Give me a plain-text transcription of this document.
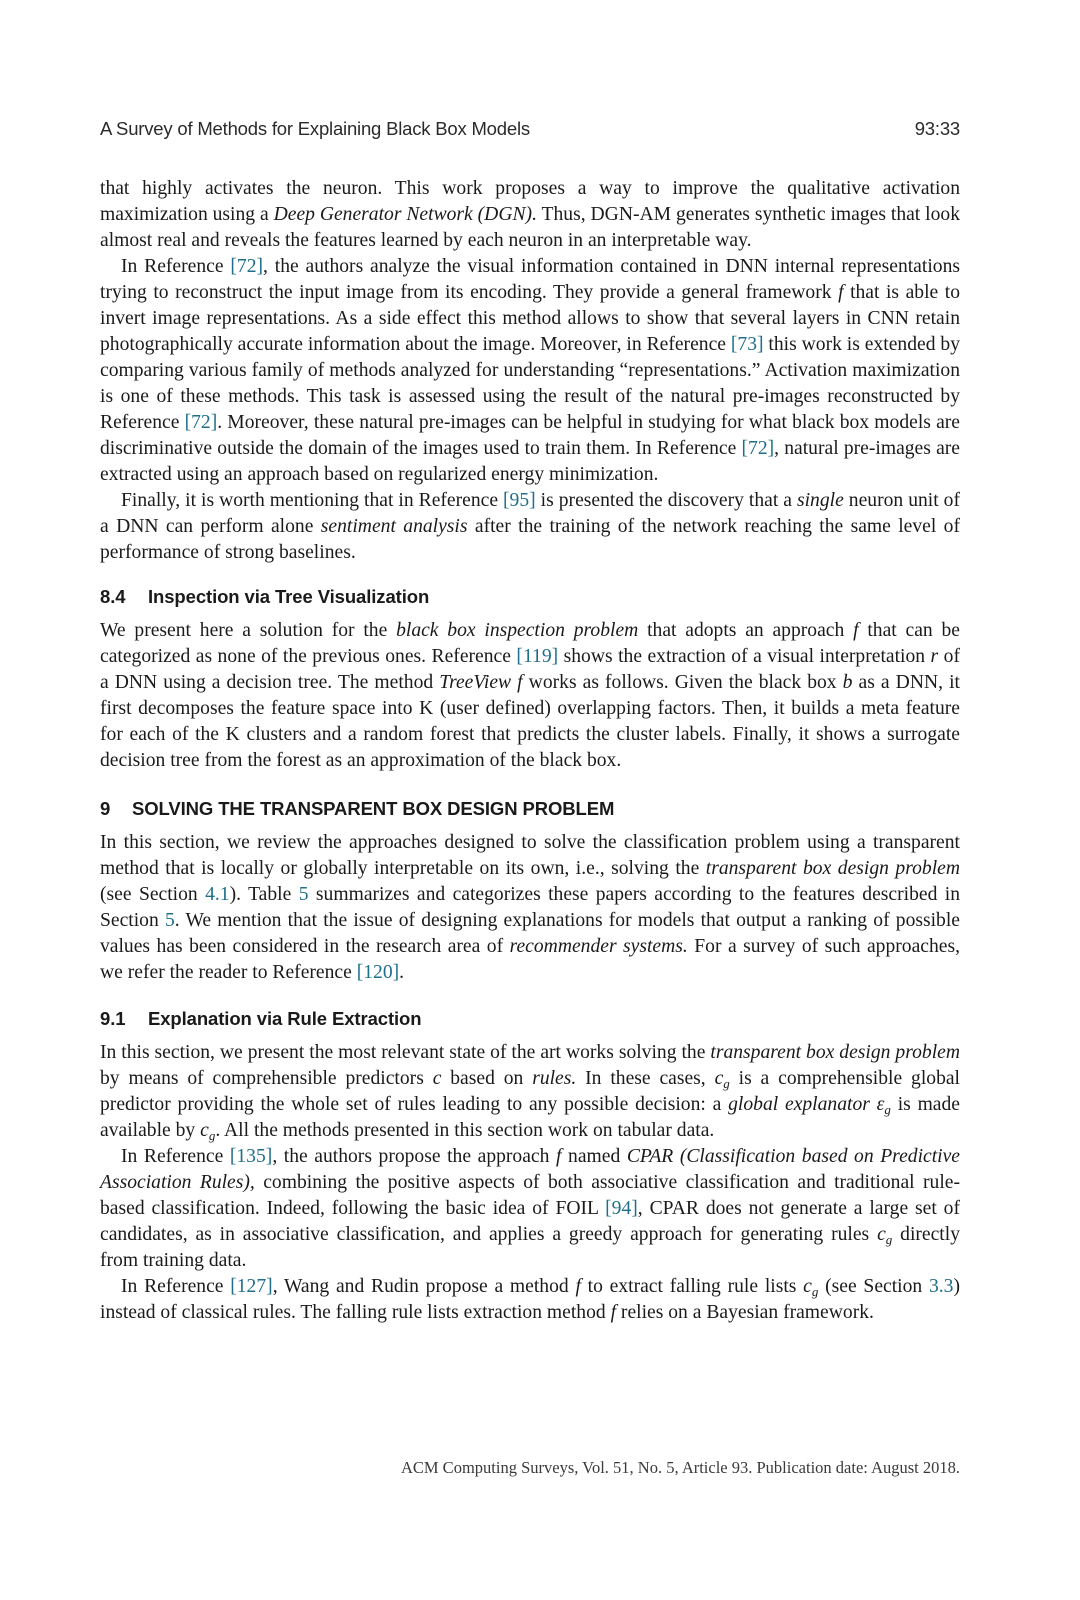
A Survey of Methods for Explaining Black Box Models	93:33

that highly activates the neuron. This work proposes a way to improve the qualitative activation maximization using a Deep Generator Network (DGN). Thus, DGN-AM generates synthetic images that look almost real and reveals the features learned by each neuron in an interpretable way.

In Reference [72], the authors analyze the visual information contained in DNN internal representations trying to reconstruct the input image from its encoding. They provide a general framework f that is able to invert image representations. As a side effect this method allows to show that several layers in CNN retain photographically accurate information about the image. Moreover, in Reference [73] this work is extended by comparing various family of methods analyzed for understanding “representations.” Activation maximization is one of these methods. This task is assessed using the result of the natural pre-images reconstructed by Reference [72]. Moreover, these natural pre-images can be helpful in studying for what black box models are discriminative outside the domain of the images used to train them. In Reference [72], natural pre-images are extracted using an approach based on regularized energy minimization.

Finally, it is worth mentioning that in Reference [95] is presented the discovery that a single neuron unit of a DNN can perform alone sentiment analysis after the training of the network reaching the same level of performance of strong baselines.

8.4 Inspection via Tree Visualization

We present here a solution for the black box inspection problem that adopts an approach f that can be categorized as none of the previous ones. Reference [119] shows the extraction of a visual interpretation r of a DNN using a decision tree. The method TreeView f works as follows. Given the black box b as a DNN, it first decomposes the feature space into K (user defined) overlapping factors. Then, it builds a meta feature for each of the K clusters and a random forest that predicts the cluster labels. Finally, it shows a surrogate decision tree from the forest as an approximation of the black box.

9 SOLVING THE TRANSPARENT BOX DESIGN PROBLEM

In this section, we review the approaches designed to solve the classification problem using a transparent method that is locally or globally interpretable on its own, i.e., solving the transparent box design problem (see Section 4.1). Table 5 summarizes and categorizes these papers according to the features described in Section 5. We mention that the issue of designing explanations for models that output a ranking of possible values has been considered in the research area of recommender systems. For a survey of such approaches, we refer the reader to Reference [120].

9.1 Explanation via Rule Extraction

In this section, we present the most relevant state of the art works solving the transparent box design problem by means of comprehensible predictors c based on rules. In these cases, $c_g$ is a comprehensible global predictor providing the whole set of rules leading to any possible decision: a global explanator $\varepsilon_g$ is made available by $c_g$. All the methods presented in this section work on tabular data.

In Reference [135], the authors propose the approach f named CPAR (Classification based on Predictive Association Rules), combining the positive aspects of both associative classification and traditional rule-based classification. Indeed, following the basic idea of FOIL [94], CPAR does not generate a large set of candidates, as in associative classification, and applies a greedy approach for generating rules $c_g$ directly from training data.

In Reference [127], Wang and Rudin propose a method f to extract falling rule lists $c_g$ (see Section 3.3) instead of classical rules. The falling rule lists extraction method f relies on a Bayesian framework.

ACM Computing Surveys, Vol. 51, No. 5, Article 93. Publication date: August 2018.
